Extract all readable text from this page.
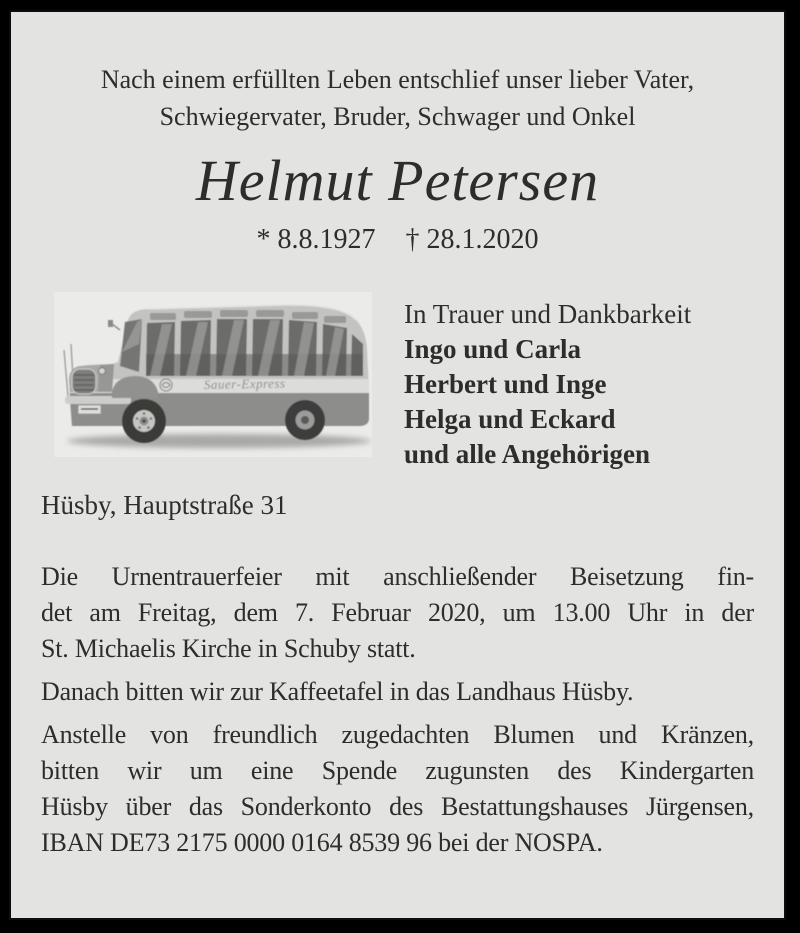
Nach einem erfüllten Leben entschlief unser lieber Vater,
Schwiegervater, Bruder, Schwager und Onkel
Helmut Petersen
* 8.8.1927 † 28.1.2020
Sauer-Express
In Trauer und Dankbarkeit
Ingo und Carla
Herbert und Inge
Helga und Eckard
und alle Angehörigen
Hüsby, Hauptstraße 31
Die Urnentrauerfeier mit anschließender Beisetzung fin-
det am Freitag, dem 7. Februar 2020, um 13.00 Uhr in der
St. Michaelis Kirche in Schuby statt.
Danach bitten wir zur Kaffeetafel in das Landhaus Hüsby.
Anstelle von freundlich zugedachten Blumen und Kränzen,
bitten wir um eine Spende zugunsten des Kindergarten
Hüsby über das Sonderkonto des Bestattungshauses Jürgensen,
IBAN DE73 2175 0000 0164 8539 96 bei der NOSPA.
